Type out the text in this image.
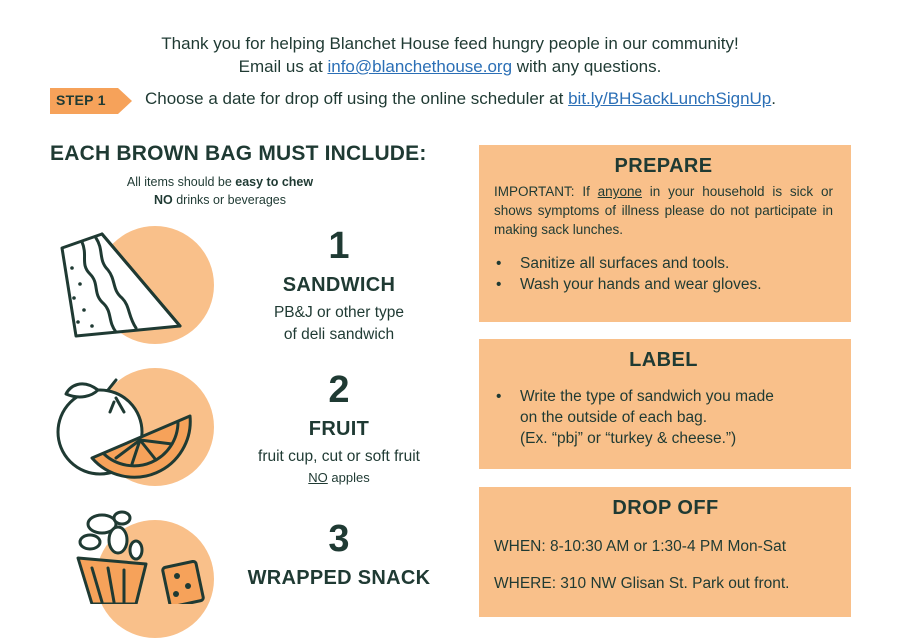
Thank you for helping Blanchet House feed hungry people in our community!
Email us at info@blanchethouse.org with any questions.
STEP 1 Choose a date for drop off using the online scheduler at bit.ly/BHSackLunchSignUp.
EACH BROWN BAG MUST INCLUDE:
All items should be easy to chew
NO drinks or beverages
1
SANDWICH
PB&J or other type
of deli sandwich
2
FRUIT
fruit cup, cut or soft fruit
NO apples
3
WRAPPED SNACK
PREPARE

IMPORTANT: If anyone in your household is sick or shows symptoms of illness please do not participate in making sack lunches.

• Sanitize all surfaces and tools.
• Wash your hands and wear gloves.
LABEL
• Write the type of sandwich you made
on the outside of each bag.
(Ex. “pbj” or “turkey & cheese.”)
DROP OFF
WHEN: 8-10:30 AM or 1:30-4 PM Mon-Sat
WHERE: 310 NW Glisan St. Park out front.
